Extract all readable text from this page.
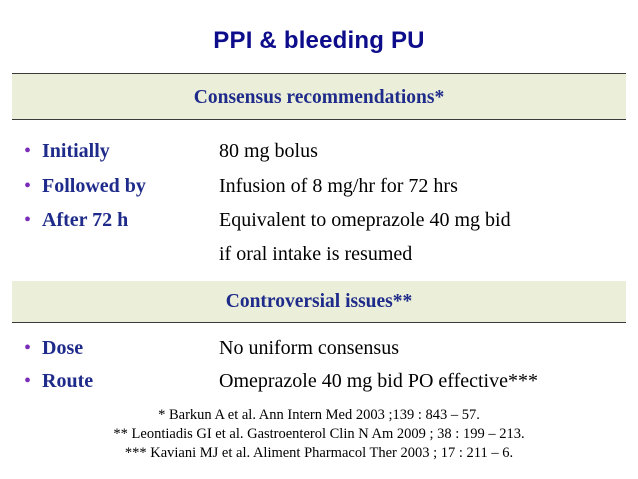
PPI & bleeding PU
Consensus recommendations*
• Initially	80 mg bolus
• Followed by	Infusion of 8 mg/hr for 72 hrs
• After 72 h	Equivalent to omeprazole 40 mg bid
if oral intake is resumed
Controversial issues**
• Dose	No uniform consensus
• Route	Omeprazole 40 mg bid PO effective***
* Barkun A et al. Ann Intern Med 2003 ;139 : 843 – 57.
** Leontiadis GI et al. Gastroenterol Clin N Am 2009 ; 38 : 199 – 213.
*** Kaviani MJ et al. Aliment Pharmacol Ther 2003 ; 17 : 211 – 6.
